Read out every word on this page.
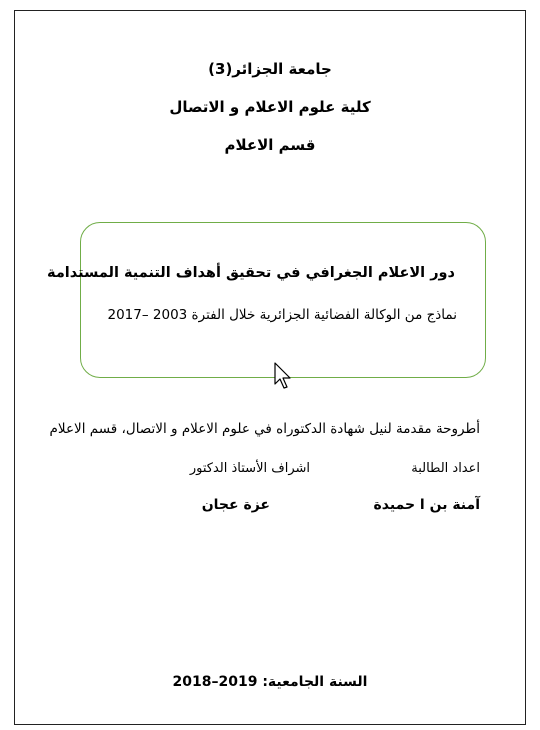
جامعة الجزائر(3)
كلية علوم الاعلام و الاتصال
قسم الاعلام
دور الاعلام الجغرافي في تحقيق أهداف التنمية المستدامة
نماذج من الوكالة الفضائية الجزائرية خلال الفترة 2003 –2017
أطروحة مقدمة لنيل شهادة الدكتوراه في علوم الاعلام و الاتصال، قسم الاعلام
اعداد الطالبة
اشراف الأستاذ الدكتور
آمنة بن ا حميدة
عزة عجان
السنة الجامعية: 2018–2019
